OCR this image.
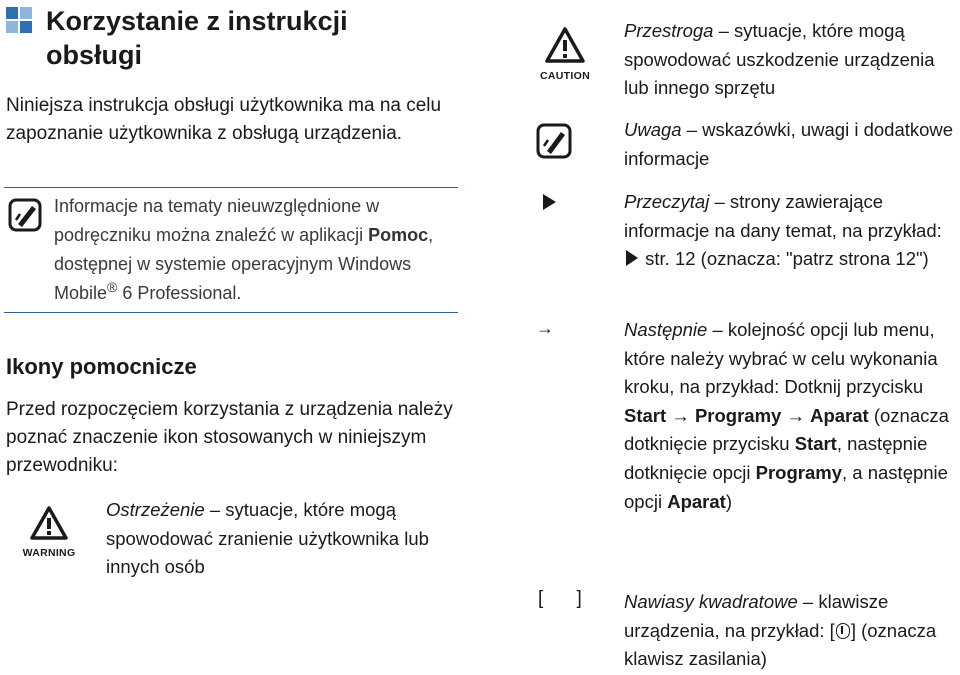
Korzystanie z instrukcji obsługi

Niniejsza instrukcja obsługi użytkownika ma na celu zapoznanie użytkownika z obsługą urządzenia.

Informacje na tematy nieuwzględnione w podręczniku można znaleźć w aplikacji Pomoc, dostępnej w systemie operacyjnym Windows Mobile® 6 Professional.
Ikony pomocnicze

Przed rozpoczęciem korzystania z urządzenia należy poznać znaczenie ikon stosowanych w niniejszym przewodniku:

WARNING
Ostrzeżenie – sytuacje, które mogą spowodować zranienie użytkownika lub innych osób
CAUTION
Przestroga – sytuacje, które mogą spowodować uszkodzenie urządzenia lub innego sprzętu
Uwaga – wskazówki, uwagi i dodatkowe informacje
Przeczytaj – strony zawierające informacje na dany temat, na przykład:  str. 12 (oznacza: "patrz strona 12")
→	Następnie – kolejność opcji lub menu, które należy wybrać w celu wykonania kroku, na przykład: Dotknij przycisku Start → Programy → Aparat (oznacza dotknięcie przycisku Start, następnie dotknięcie opcji Programy, a następnie opcji Aparat)
[ ] Nawiasy kwadratowe – klawisze urządzenia, na przykład: [ ] (oznacza klawisz zasilania)
